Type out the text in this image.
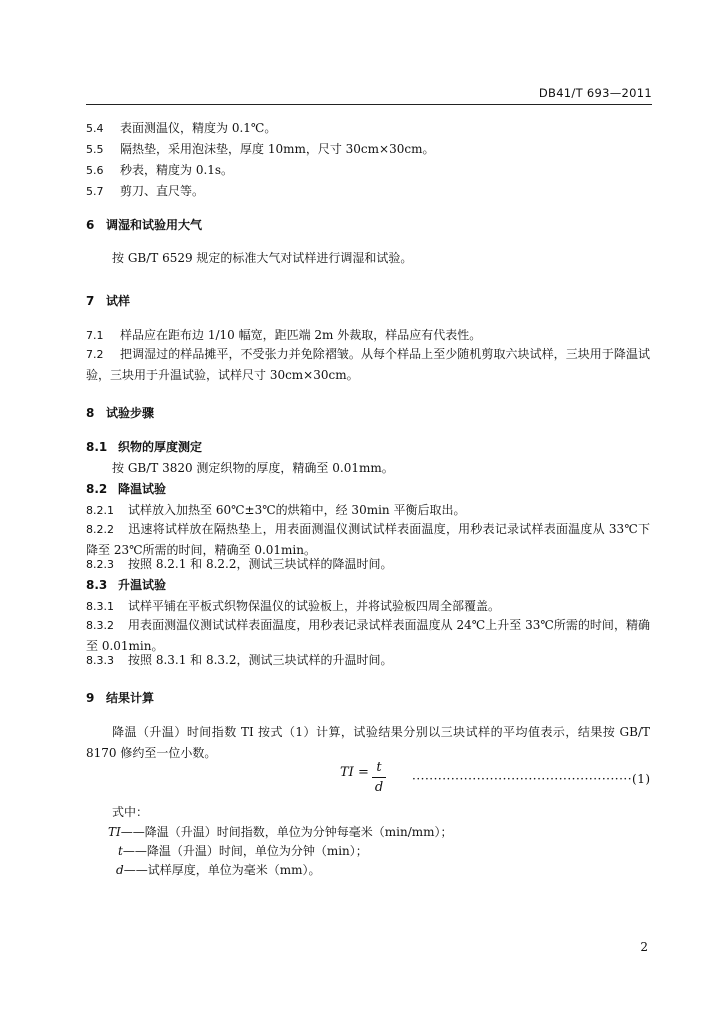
DB41/T 693—2011
5.4 表面测温仪，精度为 0.1℃。
5.5 隔热垫，采用泡沫垫，厚度 10mm，尺寸 30cm×30cm。
5.6 秒表，精度为 0.1s。
5.7 剪刀、直尺等。
6 调湿和试验用大气
按 GB/T 6529 规定的标准大气对试样进行调湿和试验。
7 试样
7.1 样品应在距布边 1/10 幅宽，距匹端 2m 外裁取，样品应有代表性。
7.2 把调湿过的样品摊平，不受张力并免除褶皱。从每个样品上至少随机剪取六块试样，三块用于降温试验，三块用于升温试验，试样尺寸 30cm×30cm。
8 试验步骤
8.1 织物的厚度测定
按 GB/T 3820 测定织物的厚度，精确至 0.01mm。
8.2 降温试验
8.2.1 试样放入加热至 60℃±3℃的烘箱中，经 30min 平衡后取出。
8.2.2 迅速将试样放在隔热垫上，用表面测温仪测试试样表面温度，用秒表记录试样表面温度从 33℃下降至 23℃所需的时间，精确至 0.01min。
8.2.3 按照 8.2.1 和 8.2.2，测试三块试样的降温时间。
8.3 升温试验
8.3.1 试样平铺在平板式织物保温仪的试验板上，并将试验板四周全部覆盖。
8.3.2 用表面测温仪测试试样表面温度，用秒表记录试样表面温度从 24℃上升至 33℃所需的时间，精确至 0.01min。
8.3.3 按照 8.3.1 和 8.3.2，测试三块试样的升温时间。
9 结果计算
降温（升温）时间指数 TI 按式（1）计算，试验结果分别以三块试样的平均值表示，结果按 GB/T 8170 修约至一位小数。
TI = t
d
···················································(1)
式中：
TI——降温（升温）时间指数，单位为分钟每毫米（min/mm）；
t——降温（升温）时间，单位为分钟（min）；
d——试样厚度，单位为毫米（mm）。
2
